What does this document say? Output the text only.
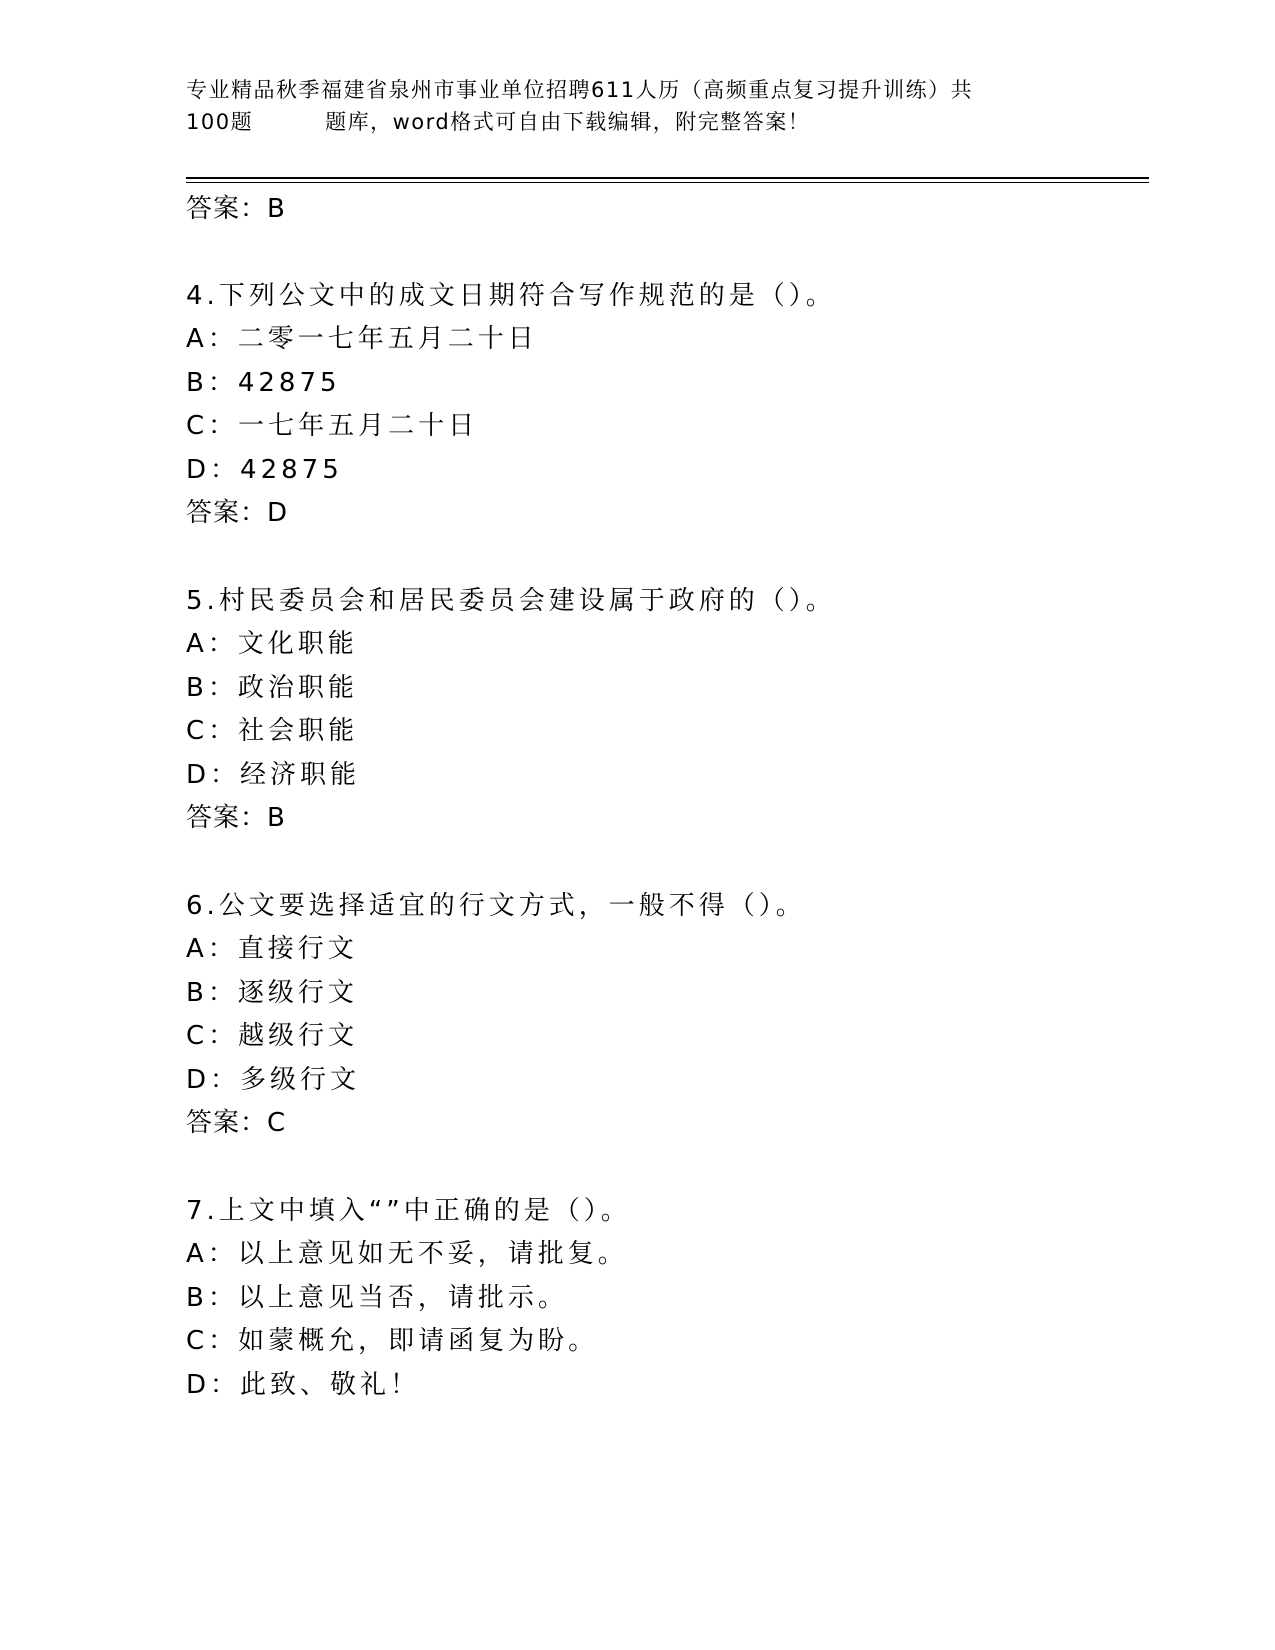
专业精品秋季福建省泉州市事业单位招聘611人历（高频重点复习提升训练）共
100题	题库，word格式可自由下载编辑，附完整答案！
答案：B
4.下列公文中的成文日期符合写作规范的是（）。
A：二零一七年五月二十日
B：42875
C：一七年五月二十日
D：42875
答案：D
5.村民委员会和居民委员会建设属于政府的（）。
A：文化职能
B：政治职能
C：社会职能
D：经济职能
答案：B
6.公文要选择适宜的行文方式，一般不得（）。
A：直接行文
B：逐级行文
C：越级行文
D：多级行文
答案：C
7.上文中填入“”中正确的是（）。
A：以上意见如无不妥，请批复。
B：以上意见当否，请批示。
C：如蒙概允，即请函复为盼。
D：此致、敬礼！
